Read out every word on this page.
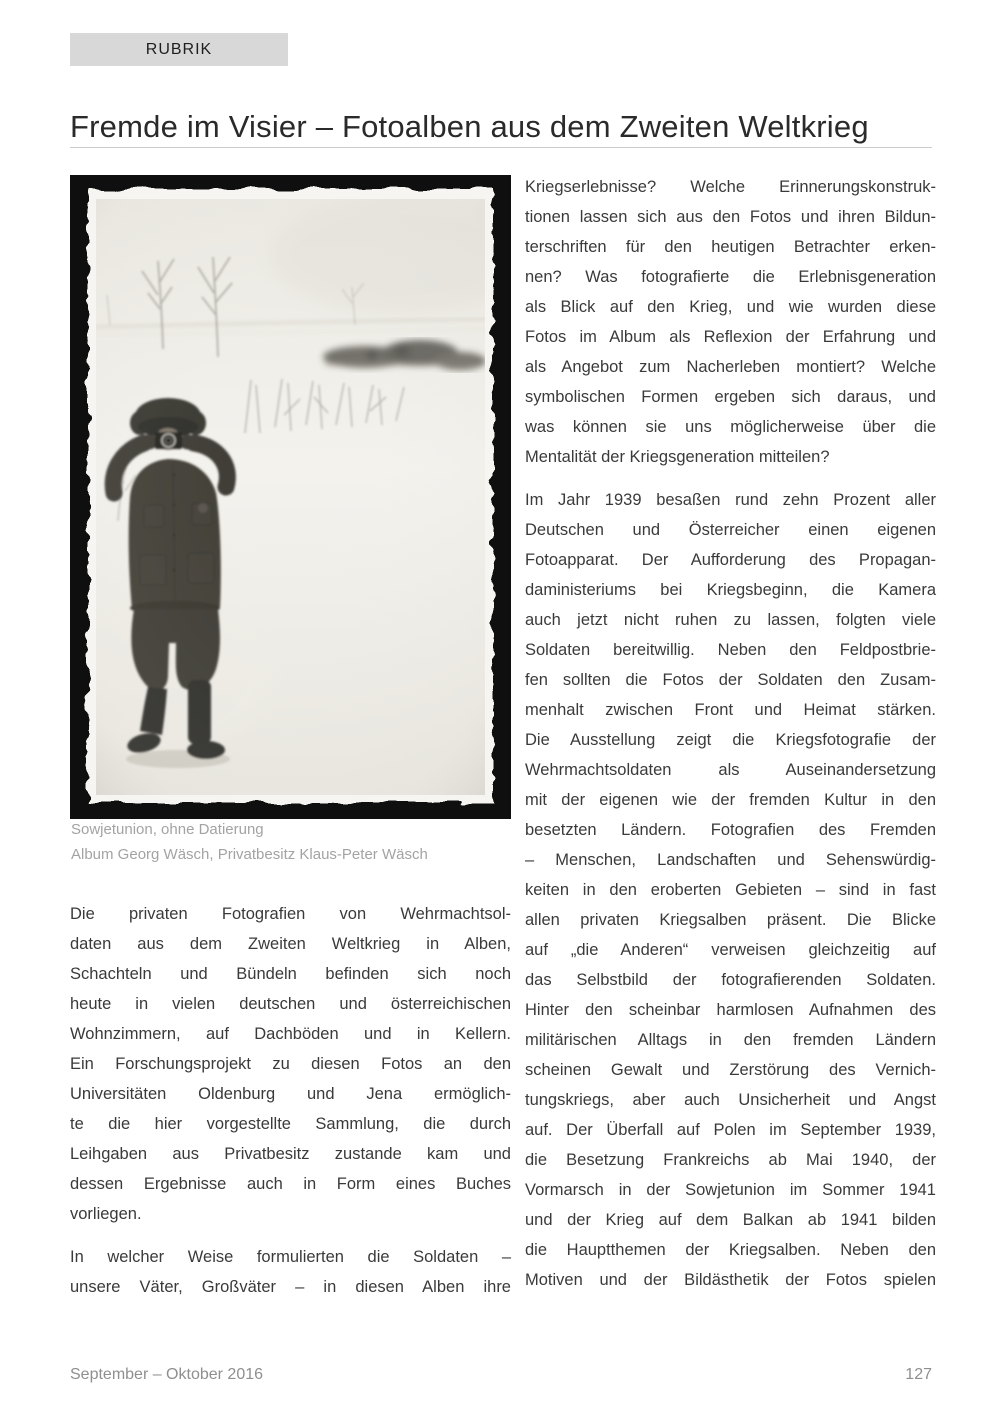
RUBRIK
Fremde im Visier – Fotoalben aus dem Zweiten Weltkrieg
Sowjetunion, ohne Datierung
Album Georg Wäsch, Privatbesitz Klaus-Peter Wäsch
Die privaten Fotografien von Wehrmachtsol-
daten aus dem Zweiten Weltkrieg in Alben,
Schachteln und Bündeln befinden sich noch
heute in vielen deutschen und österreichischen
Wohnzimmern, auf Dachböden und in Kellern.
Ein Forschungsprojekt zu diesen Fotos an den
Universitäten Oldenburg und Jena ermöglich-
te die hier vorgestellte Sammlung, die durch
Leihgaben aus Privatbesitz zustande kam und
dessen Ergebnisse auch in Form eines Buches
vorliegen.
In welcher Weise formulierten die Soldaten –
unsere Väter, Großväter – in diesen Alben ihre
Kriegserlebnisse? Welche Erinnerungskonstruk-
tionen lassen sich aus den Fotos und ihren Bildun-
terschriften für den heutigen Betrachter erken-
nen? Was fotografierte die Erlebnisgeneration
als Blick auf den Krieg, und wie wurden diese
Fotos im Album als Reflexion der Erfahrung und
als Angebot zum Nacherleben montiert? Welche
symbolischen Formen ergeben sich daraus, und
was können sie uns möglicherweise über die
Mentalität der Kriegsgeneration mitteilen?
Im Jahr 1939 besaßen rund zehn Prozent aller
Deutschen und Österreicher einen eigenen
Fotoapparat. Der Aufforderung des Propagan-
daministeriums bei Kriegsbeginn, die Kamera
auch jetzt nicht ruhen zu lassen, folgten viele
Soldaten bereitwillig. Neben den Feldpostbrie-
fen sollten die Fotos der Soldaten den Zusam-
menhalt zwischen Front und Heimat stärken.
Die Ausstellung zeigt die Kriegsfotografie der
Wehrmachtsoldaten als Auseinandersetzung
mit der eigenen wie der fremden Kultur in den
besetzten Ländern. Fotografien des Fremden
– Menschen, Landschaften und Sehenswürdig-
keiten in den eroberten Gebieten – sind in fast
allen privaten Kriegsalben präsent. Die Blicke
auf „die Anderen“ verweisen gleichzeitig auf
das Selbstbild der fotografierenden Soldaten.
Hinter den scheinbar harmlosen Aufnahmen des
militärischen Alltags in den fremden Ländern
scheinen Gewalt und Zerstörung des Vernich-
tungskriegs, aber auch Unsicherheit und Angst
auf. Der Überfall auf Polen im September 1939,
die Besetzung Frankreichs ab Mai 1940, der
Vormarsch in der Sowjetunion im Sommer 1941
und der Krieg auf dem Balkan ab 1941 bilden
die Hauptthemen der Kriegsalben. Neben den
Motiven und der Bildästhetik der Fotos spielen
September – Oktober 2016	127
